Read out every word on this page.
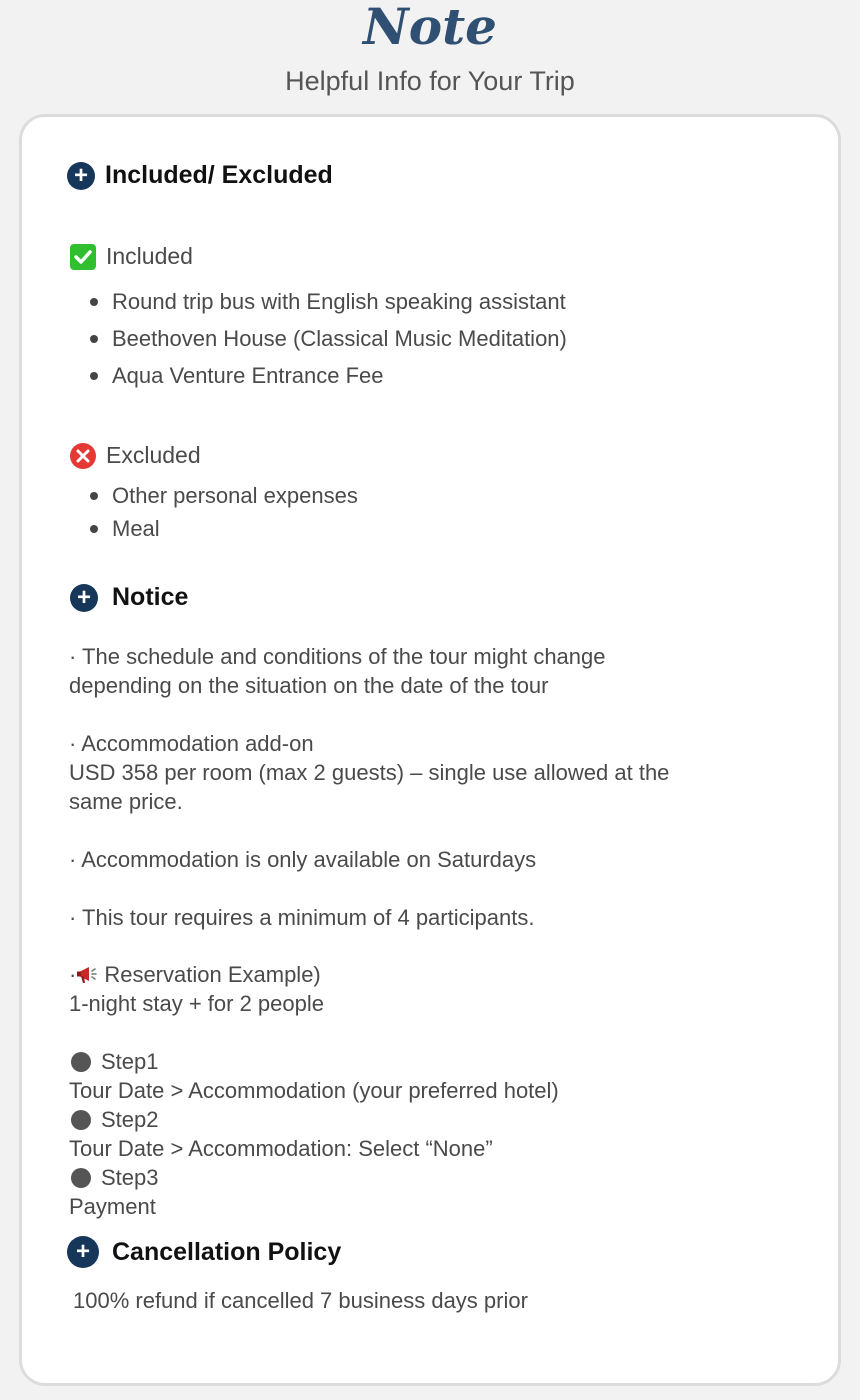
Note
Helpful Info for Your Trip
+ Included/ Excluded
Included
Round trip bus with English speaking assistant
Beethoven House (Classical Music Meditation)
Aqua Venture Entrance Fee
Excluded
Other personal expenses
Meal
+ Notice
· The schedule and conditions of the tour might change
depending on the situation on the date of the tour
· Accommodation add-on
USD 358 per room (max 2 guests) – single use allowed at the
same price.
· Accommodation is only available on Saturdays
· This tour requires a minimum of 4 participants.
· Reservation Example)
1-night stay + for 2 people
Step1
Tour Date > Accommodation (your preferred hotel)
Step2
Tour Date > Accommodation: Select “None”
Step3
Payment
+ Cancellation Policy
100% refund if cancelled 7 business days prior
